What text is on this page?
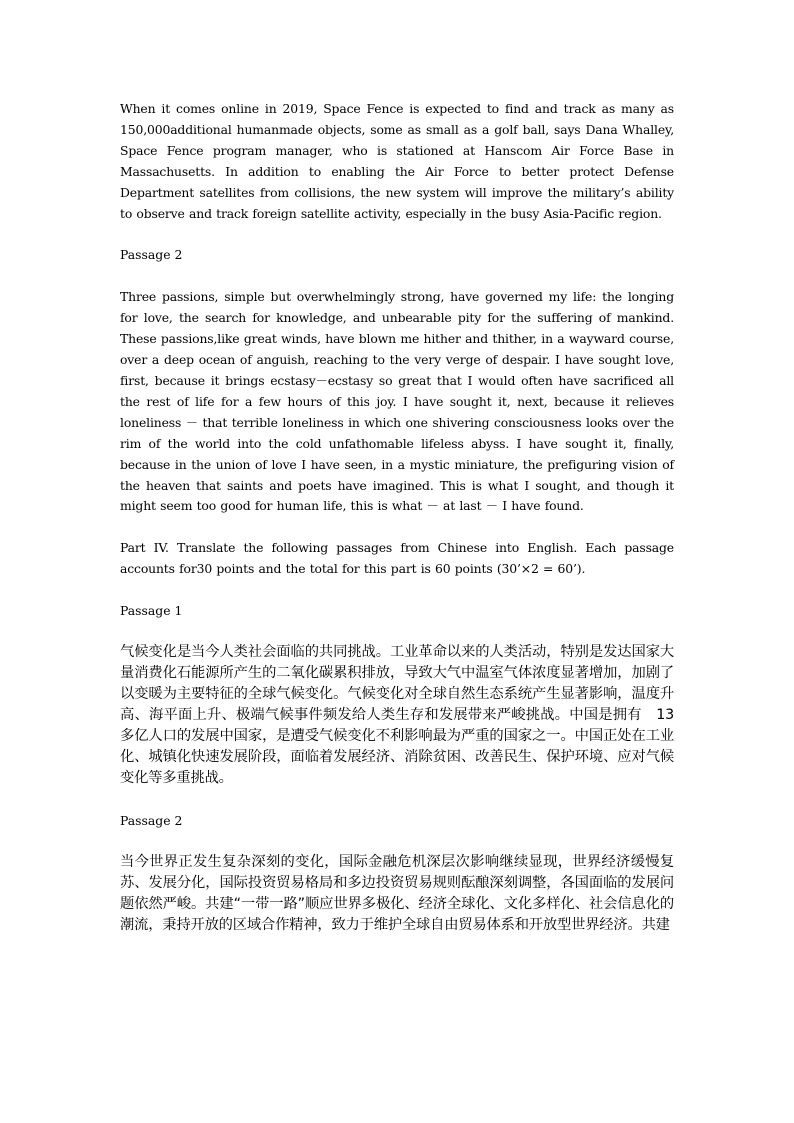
When it comes online in 2019, Space Fence is expected to find and track as many as 150,000additional humanmade objects, some as small as a golf ball, says Dana Whalley, Space Fence program manager, who is stationed at Hanscom Air Force Base in Massachusetts. In addition to enabling the Air Force to better protect Defense Department satellites from collisions, the new system will improve the military’s ability to observe and track foreign satellite activity, especially in the busy Asia-Pacific region.

Passage 2

Three passions, simple but overwhelmingly strong, have governed my life: the longing for love, the search for knowledge, and unbearable pity for the suffering of mankind. These passions,like great winds, have blown me hither and thither, in a wayward course, over a deep ocean of anguish, reaching to the very verge of despair. I have sought love, first, because it brings ecstasy－ecstasy so great that I would often have sacrificed all the rest of life for a few hours of this joy. I have sought it, next, because it relieves loneliness － that terrible loneliness in which one shivering consciousness looks over the rim of the world into the cold unfathomable lifeless abyss. I have sought it, finally, because in the union of love I have seen, in a mystic miniature, the prefiguring vision of the heaven that saints and poets have imagined. This is what I sought, and though it might seem too good for human life, this is what － at last － I have found.

Part IV. Translate the following passages from Chinese into English. Each passage accounts for30 points and the total for this part is 60 points (30’×2 = 60’).

Passage 1

气候变化是当今人类社会面临的共同挑战。工业革命以来的人类活动，特别是发达国家大量消费化石能源所产生的二氧化碳累积排放，导致大气中温室气体浓度显著增加，加剧了以变暖为主要特征的全球气候变化。气候变化对全球自然生态系统产生显著影响，温度升高、海平面上升、极端气候事件频发给人类生存和发展带来严峻挑战。中国是拥有　13 多亿人口的发展中国家，是遭受气候变化不利影响最为严重的国家之一。中国正处在工业化、城镇化快速发展阶段，面临着发展经济、消除贫困、改善民生、保护环境、应对气候变化等多重挑战。

Passage 2

当今世界正发生复杂深刻的变化，国际金融危机深层次影响继续显现，世界经济缓慢复苏、发展分化，国际投资贸易格局和多边投资贸易规则酝酿深刻调整，各国面临的发展问题依然严峻。共建“一带一路”顺应世界多极化、经济全球化、文化多样化、社会信息化的潮流，秉持开放的区域合作精神，致力于维护全球自由贸易体系和开放型世界经济。共建
